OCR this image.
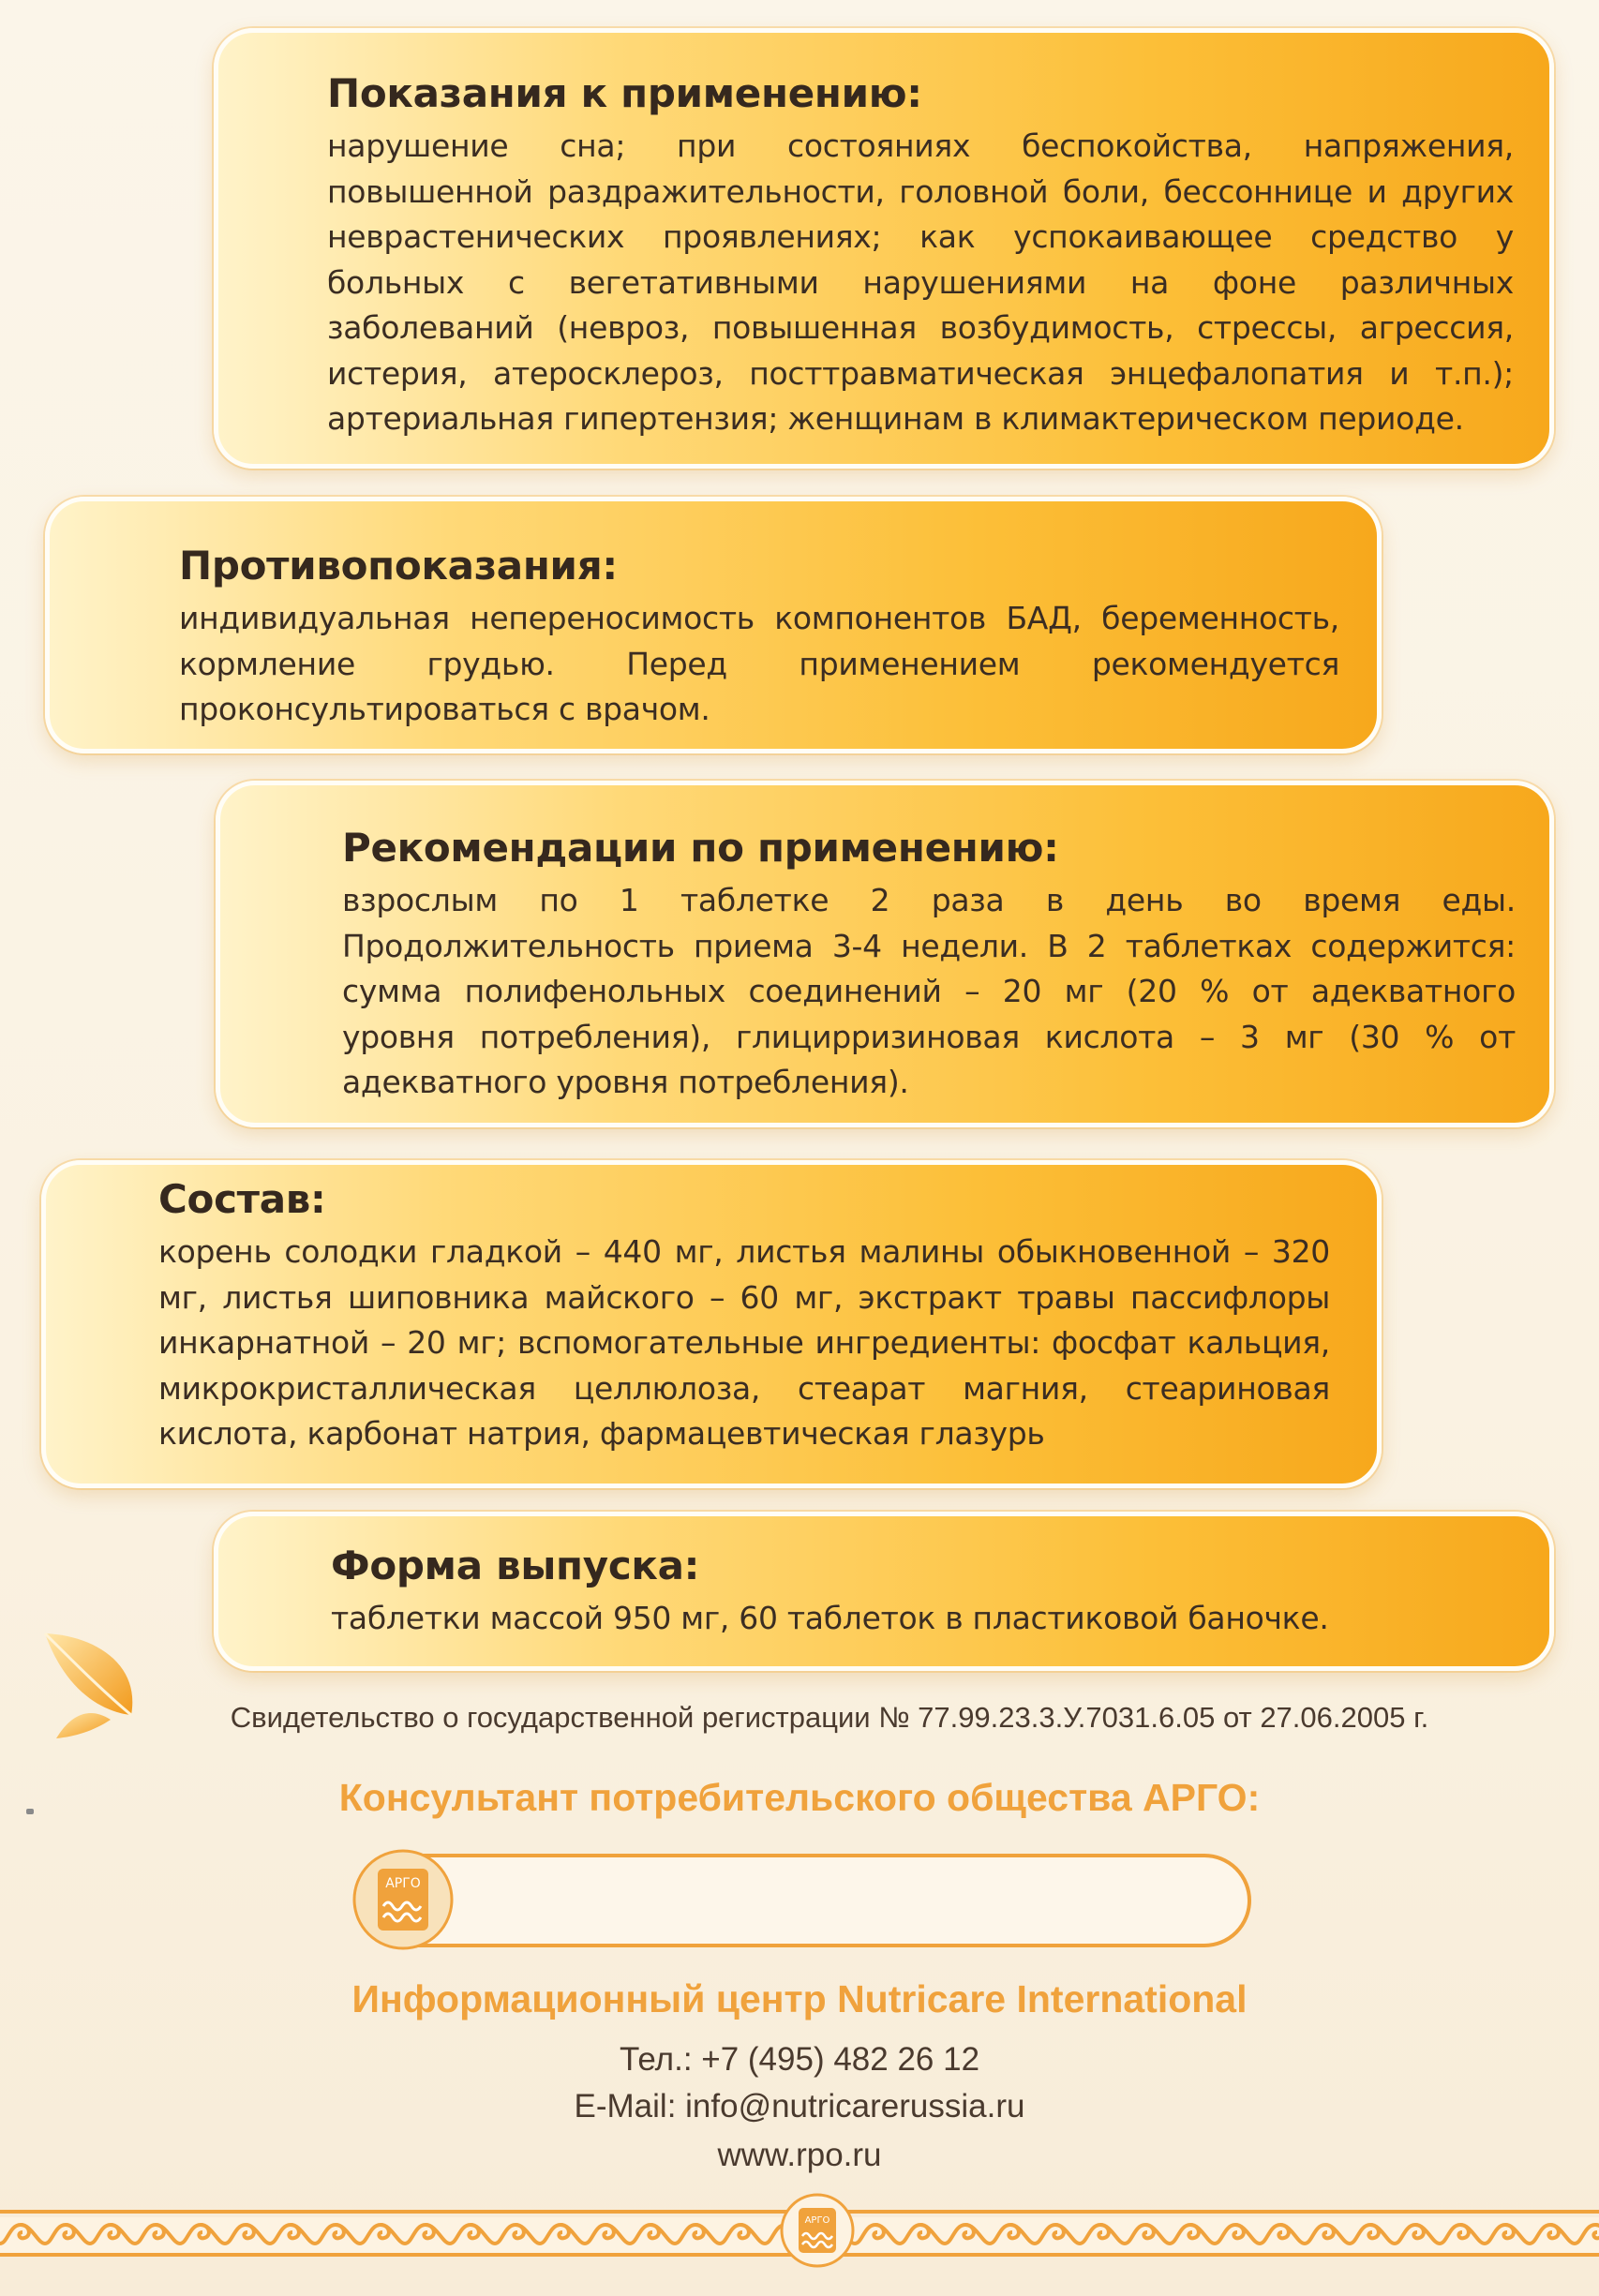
Показания к применению:

нарушение сна; при состояниях беспокойства, напряжения, повышенной раздражительности, головной боли, бессоннице и других неврастенических проявлениях; как успокаивающее средство у больных с вегетативными нарушениями на фоне различных заболеваний (невроз, повышенная возбудимость, стрессы, агрессия, истерия, атеросклероз, посттравматическая энцефалопатия и т.п.); артериальная гипертензия; женщинам в климактерическом периоде.

Противопоказания:

индивидуальная непереносимость компонентов БАД, беременность, кормление грудью. Перед применением рекомендуется проконсультироваться с врачом.

Рекомендации по применению:

взрослым по 1 таблетке 2 раза в день во время еды. Продолжительность приема 3-4 недели. В 2 таблетках содержится: сумма полифенольных соединений – 20 мг (20 % от адекватного уровня потребления), глицирризиновая кислота – 3 мг (30 % от адекватного уровня потребления).

Состав:

корень солодки гладкой – 440 мг, листья малины обыкновенной – 320 мг, листья шиповника майского – 60 мг, экстракт травы пассифлоры инкарнатной – 20 мг; вспомогательные ингредиенты: фосфат кальция, микрокристаллическая целлюлоза, стеарат магния, стеариновая кислота, карбонат натрия, фармацевтическая глазурь

Форма выпуска:

таблетки массой 950 мг, 60 таблеток в пластиковой баночке.

Свидетельство о государственной регистрации № 77.99.23.3.У.7031.6.05 от 27.06.2005 г.
Консультант потребительского общества АРГО:
АРГО
Информационный центр Nutricare International
Тел.: +7 (495) 482 26 12
E-Mail: info@nutricarerussia.ru
www.rpo.ru
АРГО
